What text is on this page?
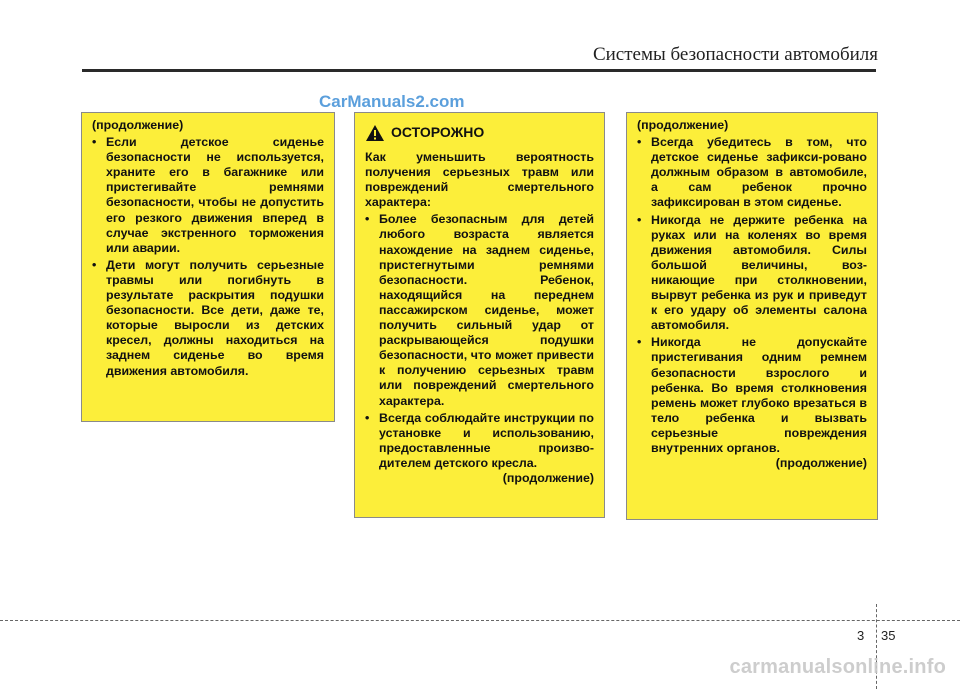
Системы безопасности автомобиля
CarManuals2.com

(продолжение)

• Если детское сиденье безопасности не используется, храните его в багажнике или пристегивайте ремнями безопасности, чтобы не допустить его резкого движения вперед в случае экстренного торможения или аварии.
• Дети могут получить серьезные травмы или погибнуть в результате раскрытия подушки безопасности. Все дети, даже те, которые выросли из детских кресел, должны находиться на заднем сиденье во время движения автомобиля.
ОСТОРОЖНО

Как уменьшить вероятность получения серьезных травм или повреждений смертельного характера:

• Более безопасным для детей любого возраста является нахождение на заднем сиденье, пристегнутыми ремнями безопасности. Ребенок, находящийся на переднем пассажирском сиденье, может получить сильный удар от раскрывающейся подушки безопасности, что может привести к получению серьезных травм или повреждений смертельного характера.
• Всегда соблюдайте инструкции по установке и использованию, предоставленные произво-дителем детского кресла.

(продолжение)

(продолжение)

• Всегда убедитесь в том, что детское сиденье зафикси-ровано должным образом в автомобиле, а сам ребенок прочно зафиксирован в этом сиденье.
• Никогда не держите ребенка на руках или на коленях во время движения автомобиля. Силы большой величины, воз-никающие при столкновении, вырвут ребенка из рук и приведут к его удару об элементы салона автомобиля.
• Никогда не допускайте пристегивания одним ремнем безопасности взрослого и ребенка. Во время столкновения ремень может глубоко врезаться в тело ребенка и вызвать серьезные повреждения внутренних органов.

(продолжение)

3 35
carmanualsonline.info
